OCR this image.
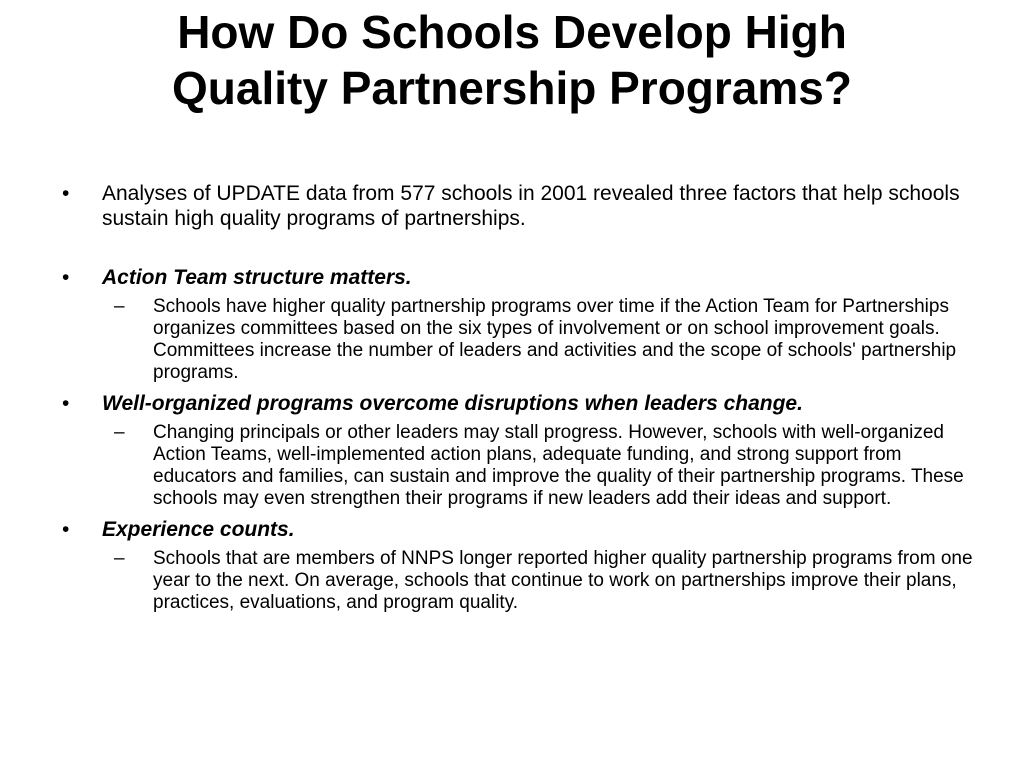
How Do Schools Develop High
Quality Partnership Programs?
• Analyses of UPDATE data from 577 schools in 2001 revealed three factors that help schools sustain high quality programs of partnerships.
• Action Team structure matters.
– Schools have higher quality partnership programs over time if the Action Team for Partnerships organizes committees based on the six types of involvement or on school improvement goals. Committees increase the number of leaders and activities and the scope of schools' partnership programs.
• Well-organized programs overcome disruptions when leaders change.
– Changing principals or other leaders may stall progress. However, schools with well-organized Action Teams, well-implemented action plans, adequate funding, and strong support from educators and families, can sustain and improve the quality of their partnership programs. These schools may even strengthen their programs if new leaders add their ideas and support.
• Experience counts.
– Schools that are members of NNPS longer reported higher quality partnership programs from one year to the next. On average, schools that continue to work on partnerships improve their plans, practices, evaluations, and program quality.
